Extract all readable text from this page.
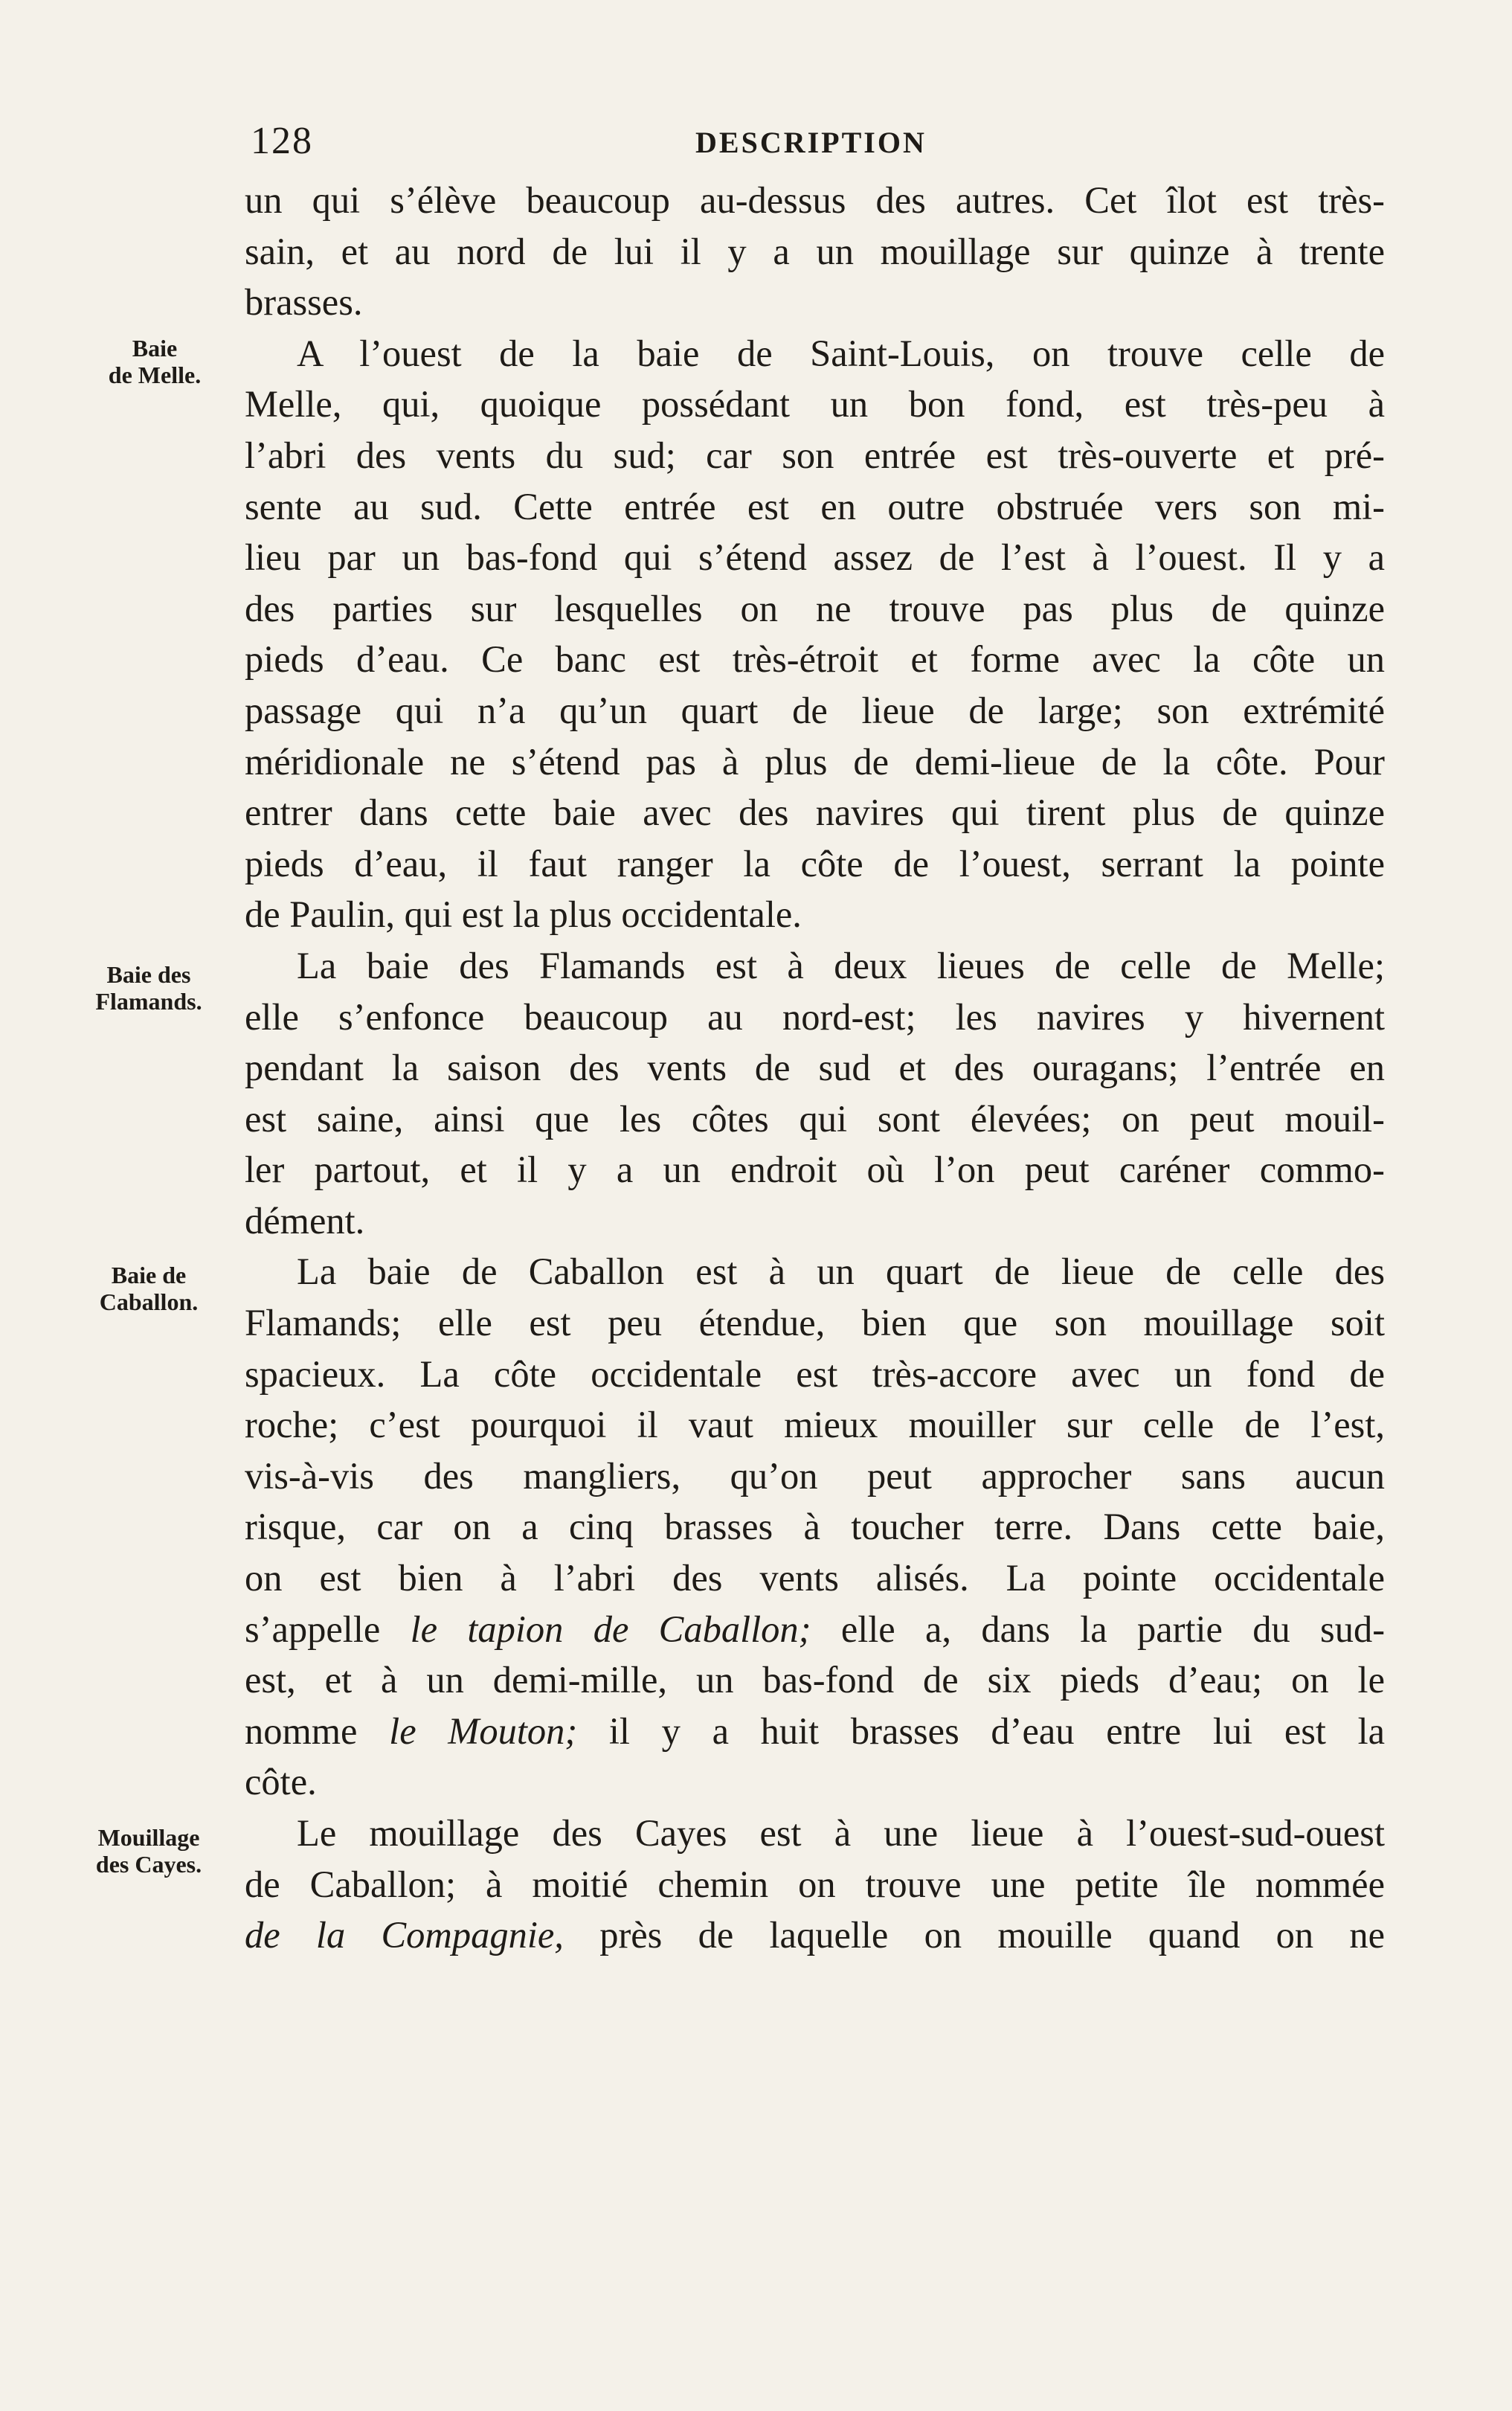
128	DESCRIPTION
Baie
de Melle.
Baie des
Flamands.
Baie de
Caballon.
Mouillage
des Cayes.
un qui s’élève beaucoup au-dessus des autres. Cet îlot est très-
sain, et au nord de lui il y a un mouillage sur quinze à trente
brasses.
A l’ouest de la baie de Saint-Louis, on trouve celle de
Melle, qui, quoique possédant un bon fond, est très-peu à
l’abri des vents du sud; car son entrée est très-ouverte et pré-
sente au sud. Cette entrée est en outre obstruée vers son mi-
lieu par un bas-fond qui s’étend assez de l’est à l’ouest. Il y a
des parties sur lesquelles on ne trouve pas plus de quinze
pieds d’eau. Ce banc est très-étroit et forme avec la côte un
passage qui n’a qu’un quart de lieue de large; son extrémité
méridionale ne s’étend pas à plus de demi-lieue de la côte. Pour
entrer dans cette baie avec des navires qui tirent plus de quinze
pieds d’eau, il faut ranger la côte de l’ouest, serrant la pointe
de Paulin, qui est la plus occidentale.
La baie des Flamands est à deux lieues de celle de Melle;
elle s’enfonce beaucoup au nord-est; les navires y hivernent
pendant la saison des vents de sud et des ouragans; l’entrée en
est saine, ainsi que les côtes qui sont élevées; on peut mouil-
ler partout, et il y a un endroit où l’on peut caréner commo-
dément.
La baie de Caballon est à un quart de lieue de celle des
Flamands; elle est peu étendue, bien que son mouillage soit
spacieux. La côte occidentale est très-accore avec un fond de
roche; c’est pourquoi il vaut mieux mouiller sur celle de l’est,
vis-à-vis des mangliers, qu’on peut approcher sans aucun
risque, car on a cinq brasses à toucher terre. Dans cette baie,
on est bien à l’abri des vents alisés. La pointe occidentale
s’appelle le tapion de Caballon; elle a, dans la partie du sud-
est, et à un demi-mille, un bas-fond de six pieds d’eau; on le
nomme le Mouton; il y a huit brasses d’eau entre lui est la
côte.
Le mouillage des Cayes est à une lieue à l’ouest-sud-ouest
de Caballon; à moitié chemin on trouve une petite île nommée
de la Compagnie, près de laquelle on mouille quand on ne
